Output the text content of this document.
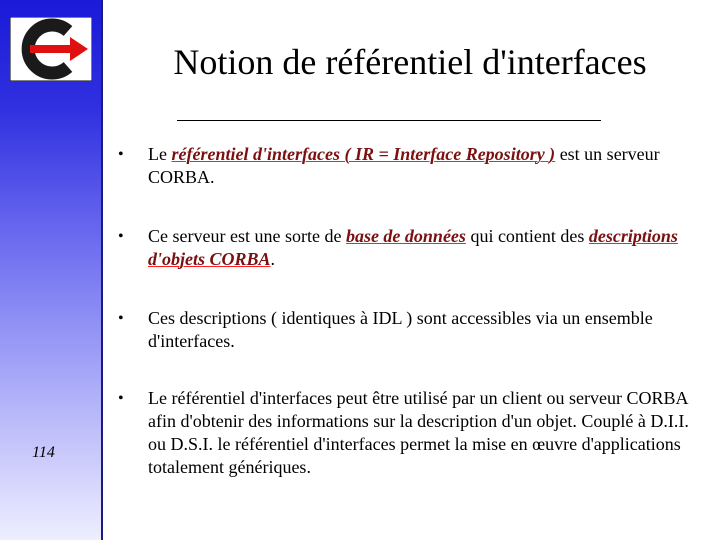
114
Notion de référentiel d'interfaces
•	Le référentiel d'interfaces ( IR = Interface Repository ) est un serveur CORBA.
•	Ce serveur est une sorte de base de données qui contient des descriptions d'objets CORBA.
•	Ces descriptions ( identiques à IDL ) sont accessibles via un ensemble d'interfaces.
•	Le référentiel d'interfaces peut être utilisé par un client ou serveur CORBA afin d'obtenir des informations sur la description d'un objet. Couplé à D.I.I. ou D.S.I. le référentiel d'interfaces permet la mise en œuvre d'applications totalement génériques.
